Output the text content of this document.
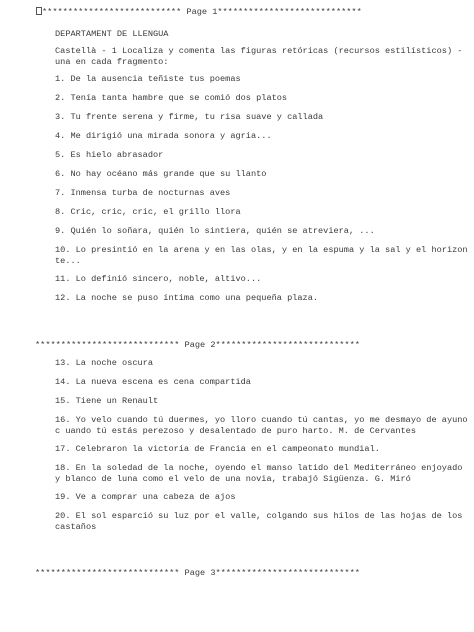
*************************** Page 1****************************

DEPARTAMENT DE LLENGUA

Castellà - 1 Localiza y comenta las figuras retóricas (recursos estilísticos) -una en cada fragmento:

1. De la ausencia teñiste tus poemas

2. Tenía tanta hambre que se comió dos platos

3. Tu frente serena y firme, tu risa suave y callada

4. Me dirigió una mirada sonora y agria...

5. Es hielo abrasador

6. No hay océano más grande que su llanto

7. Inmensa turba de nocturnas aves

8. Cric, cric, cric, el grillo llora

9. Quién lo soñara, quién lo sintiera, quién se atreviera, ...

10. Lo presintió en la arena y en las olas, y en la espuma y la sal y el horizon te...

11. Lo definió sincero, noble, altivo...

12. La noche se puso íntima como una pequeña plaza.

**************************** Page 2****************************

13. La noche oscura

14. La nueva escena es cena compartida

15. Tiene un Renault

16. Yo velo cuando tú duermes, yo lloro cuando tú cantas, yo me desmayo de ayuno c uando tú estás perezoso y desalentado de puro harto. M. de Cervantes

17. Celebraron la victoria de Francia en el campeonato mundial.

18. En la soledad de la noche, oyendo el manso latido del Mediterráneo enjoyado y blanco de luna como el velo de una novia, trabajó Sigüenza. G. Miró

19. Ve a comprar una cabeza de ajos

20. El sol esparció su luz por el valle, colgando sus hilos de las hojas de los castaños

**************************** Page 3****************************
